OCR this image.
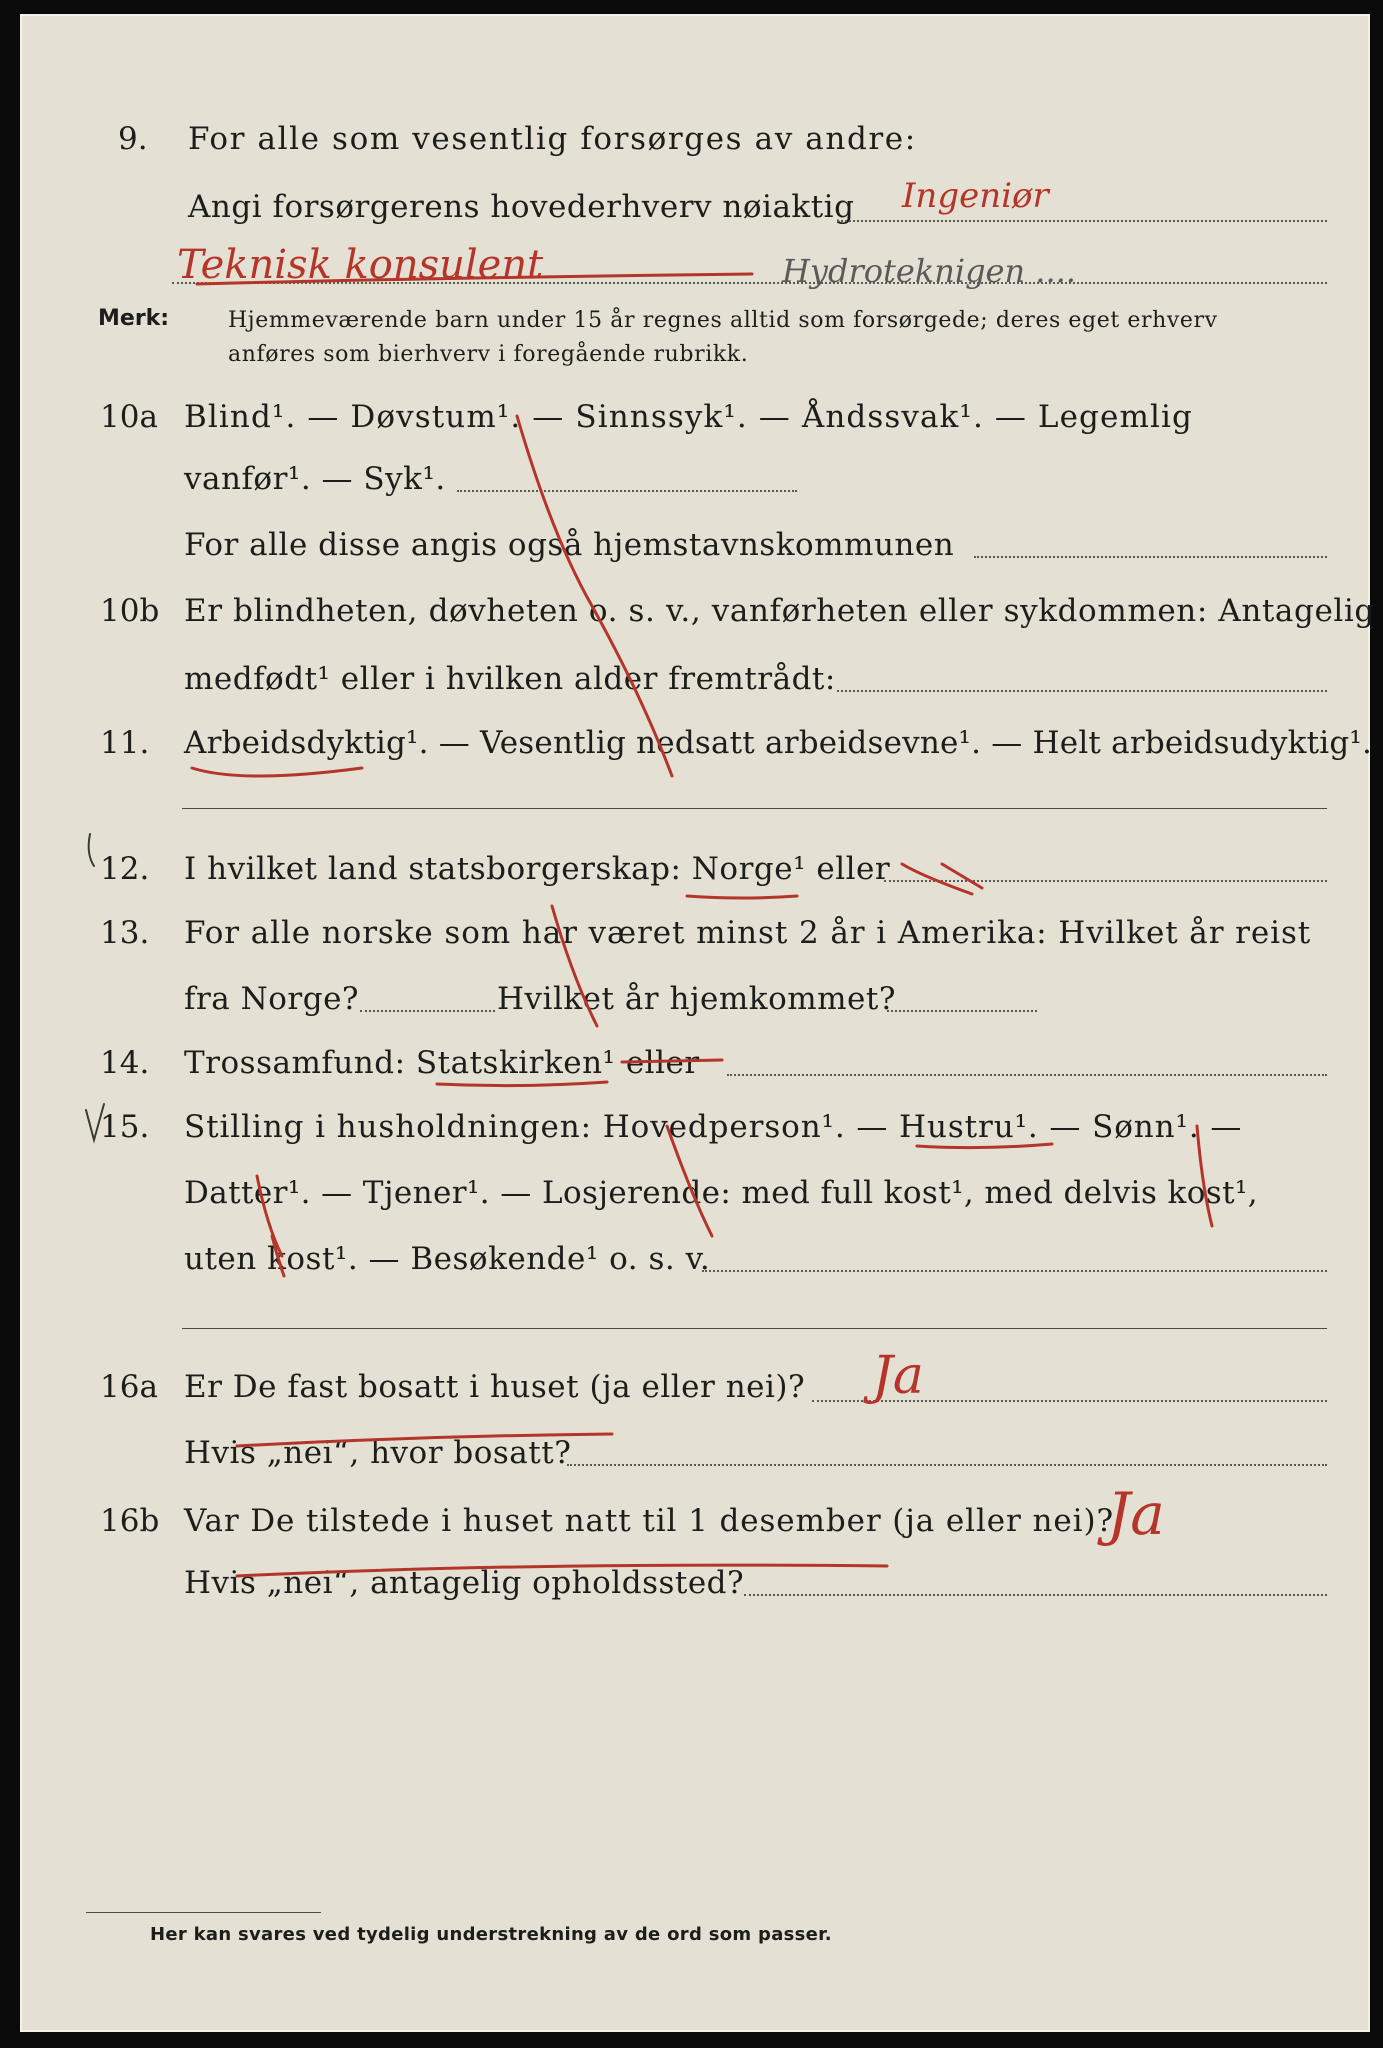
9. For alle som vesentlig forsørges av andre:
Angi forsørgerens hovederhverv nøiaktig Ingeniør
Teknisk konsulent	Hydroteknigen ....
Merk:	Hjemmeværende barn under 15 år regnes alltid som forsørgede; deres eget erhverv
anføres som bierhverv i foregående rubrikk.
10a Blind¹. — Døvstum¹. — Sinnssyk¹. — Åndssvak¹. — Legemlig
vanfør¹. — Syk¹.
For alle disse angis også hjemstavnskommunen
10b Er blindheten, døvheten o. s. v., vanførheten eller sykdommen: Antagelig
medfødt¹ eller i hvilken alder fremtrådt:
11. Arbeidsdyktig¹. — Vesentlig nedsatt arbeidsevne¹. — Helt arbeidsudyktig¹.
12. I hvilket land statsborgerskap: Norge¹ eller
13. For alle norske som har været minst 2 år i Amerika: Hvilket år reist
fra Norge?	Hvilket år hjemkommet?
14. Trossamfund: Statskirken¹ eller
15. Stilling i husholdningen: Hovedperson¹. — Hustru¹. — Sønn¹. —
Datter¹. — Tjener¹. — Losjerende: med full kost¹, med delvis kost¹,
uten kost¹. — Besøkende¹ o. s. v.
16a Er De fast bosatt i huset (ja eller nei)? Ja
Hvis „nei“, hvor bosatt?
16b Var De tilstede i huset natt til 1 desember (ja eller nei)?
Ja
Hvis „nei“, antagelig opholdssted?
Her kan svares ved tydelig understrekning av de ord som passer.
